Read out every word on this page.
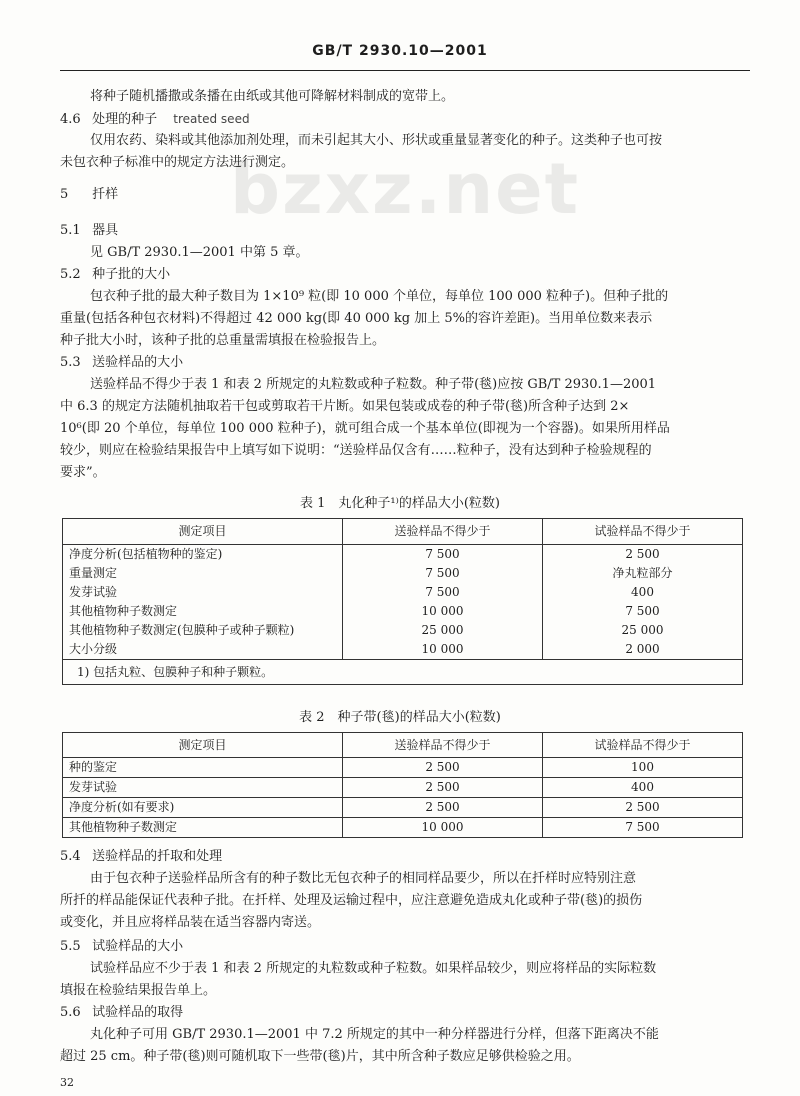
GB/T 2930.10—2001
bzxz.net
将种子随机播撒或条播在由纸或其他可降解材料制成的宽带上。
4.6 处理的种子 treated seed
仅用农药、染料或其他添加剂处理，而未引起其大小、形状或重量显著变化的种子。这类种子也可按
未包衣种子标准中的规定方法进行测定。
5 扦样
5.1 器具
见 GB/T 2930.1—2001 中第 5 章。
5.2 种子批的大小
包衣种子批的最大种子数目为 1×10⁹ 粒(即 10 000 个单位，每单位 100 000 粒种子)。但种子批的
重量(包括各种包衣材料)不得超过 42 000 kg(即 40 000 kg 加上 5%的容许差距)。当用单位数来表示
种子批大小时，该种子批的总重量需填报在检验报告上。
5.3 送验样品的大小
送验样品不得少于表 1 和表 2 所规定的丸粒数或种子粒数。种子带(毯)应按 GB/T 2930.1—2001
中 6.3 的规定方法随机抽取若干包或剪取若干片断。如果包装或成卷的种子带(毯)所含种子达到 2×
10⁶(即 20 个单位，每单位 100 000 粒种子)，就可组合成一个基本单位(即视为一个容器)。如果所用样品
较少，则应在检验结果报告中上填写如下说明：“送验样品仅含有……粒种子，没有达到种子检验规程的
要求”。
表 1　丸化种子¹⁾的样品大小(粒数)
测定项目	送验样品不得少于	试验样品不得少于
净度分析(包括植物种的鉴定)	7 500	2 500
重量测定	7 500	净丸粒部分
发芽试验	7 500	400
其他植物种子数测定	10 000	7 500
其他植物种子数测定(包膜种子或种子颗粒)	25 000	25 000
大小分级	10 000	2 000
1) 包括丸粒、包膜种子和种子颗粒。		
表 2　种子带(毯)的样品大小(粒数)
测定项目	送验样品不得少于	试验样品不得少于
种的鉴定	2 500	100
发芽试验	2 500	400
净度分析(如有要求)	2 500	2 500
其他植物种子数测定	10 000	7 500
5.4 送验样品的扦取和处理
由于包衣种子送验样品所含有的种子数比无包衣种子的相同样品要少，所以在扦样时应特别注意
所扦的样品能保证代表种子批。在扦样、处理及运输过程中，应注意避免造成丸化或种子带(毯)的损伤
或变化，并且应将样品装在适当容器内寄送。
5.5 试验样品的大小
试验样品应不少于表 1 和表 2 所规定的丸粒数或种子粒数。如果样品较少，则应将样品的实际粒数
填报在检验结果报告单上。
5.6 试验样品的取得
丸化种子可用 GB/T 2930.1—2001 中 7.2 所规定的其中一种分样器进行分样，但落下距离决不能
超过 25 cm。种子带(毯)则可随机取下一些带(毯)片，其中所含种子数应足够供检验之用。
32
